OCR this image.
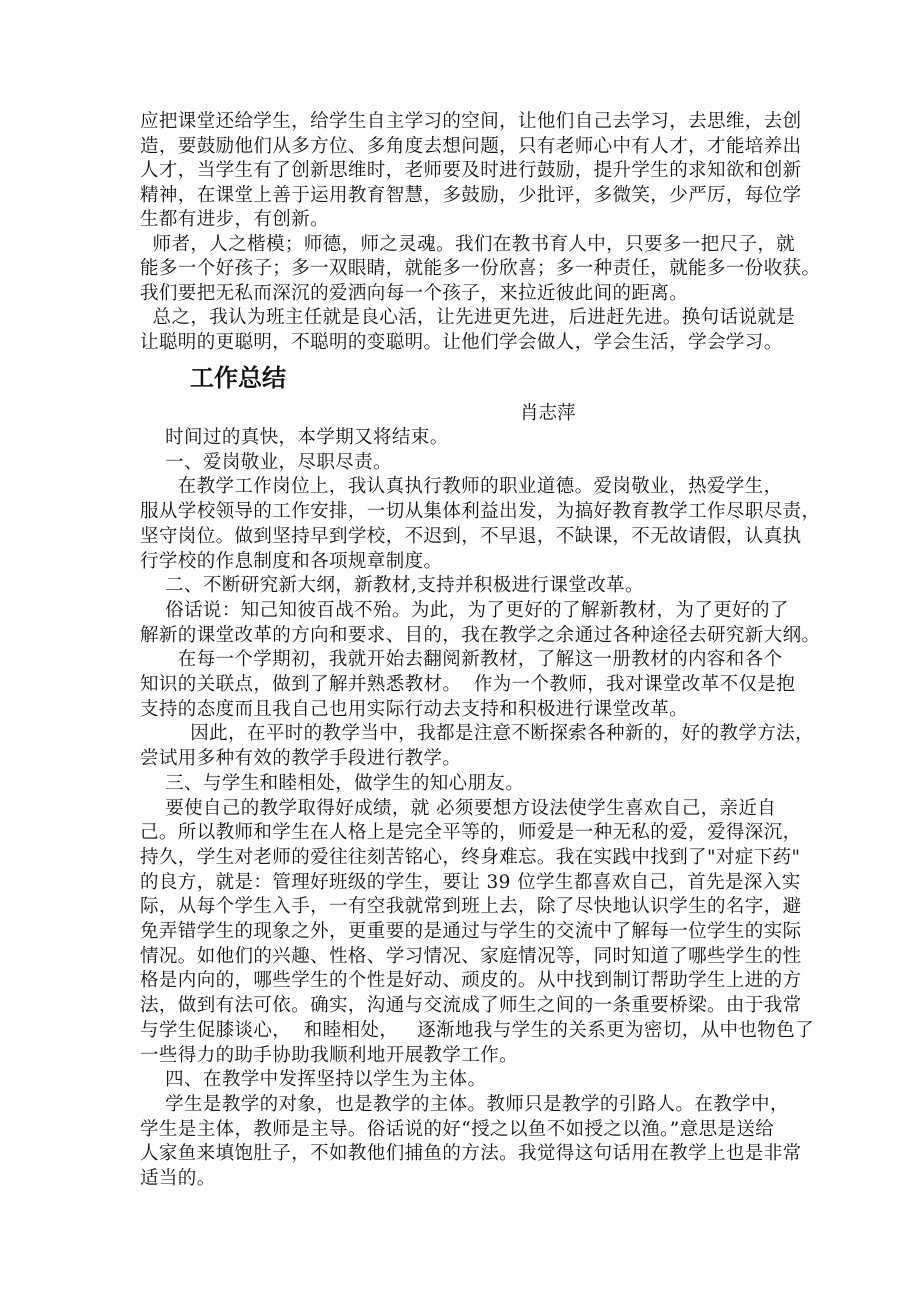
应把课堂还给学生，给学生自主学习的空间，让他们自己去学习，去思维，去创
造，要鼓励他们从多方位、多角度去想问题，只有老师心中有人才，才能培养出
人才，当学生有了创新思维时，老师要及时进行鼓励，提升学生的求知欲和创新
精神，在课堂上善于运用教育智慧，多鼓励，少批评，多微笑，少严厉，每位学
生都有进步，有创新。
师者，人之楷模；师德，师之灵魂。我们在教书育人中，只要多一把尺子，就
能多一个好孩子；多一双眼睛，就能多一份欣喜；多一种责任，就能多一份收获。
我们要把无私而深沉的爱洒向每一个孩子，来拉近彼此间的距离。
总之，我认为班主任就是良心活，让先进更先进，后进赶先进。换句话说就是
让聪明的更聪明，不聪明的变聪明。让他们学会做人，学会生活，学会学习。
工作总结
肖志萍
时间过的真快，本学期又将结束。
一、爱岗敬业，尽职尽责。
在教学工作岗位上，我认真执行教师的职业道德。爱岗敬业，热爱学生，
服从学校领导的工作安排，一切从集体利益出发，为搞好教育教学工作尽职尽责，
坚守岗位。做到坚持早到学校，不迟到，不早退，不缺课，不无故请假，认真执
行学校的作息制度和各项规章制度。
二、不断研究新大纲，新教材,支持并积极进行课堂改革。
俗话说：知己知彼百战不殆。为此，为了更好的了解新教材，为了更好的了
解新的课堂改革的方向和要求、目的，我在教学之余通过各种途径去研究新大纲。
在每一个学期初，我就开始去翻阅新教材，了解这一册教材的内容和各个
知识的关联点，做到了解并熟悉教材。  作为一个教师，我对课堂改革不仅是抱
支持的态度而且我自己也用实际行动去支持和积极进行课堂改革。
因此，在平时的教学当中，我都是注意不断探索各种新的，好的教学方法，
尝试用多种有效的教学手段进行教学。
三、与学生和睦相处，做学生的知心朋友。
要使自己的教学取得好成绩，就 必须要想方设法使学生喜欢自己，亲近自
己。所以教师和学生在人格上是完全平等的，师爱是一种无私的爱，爱得深沉，
持久，学生对老师的爱往往刻苦铭心，终身难忘。我在实践中找到了"对症下药"
的良方，就是：管理好班级的学生，要让 39 位学生都喜欢自己，首先是深入实
际，从每个学生入手，一有空我就常到班上去，除了尽快地认识学生的名字，避
免弄错学生的现象之外，更重要的是通过与学生的交流中了解每一位学生的实际
情况。如他们的兴趣、性格、学习情况、家庭情况等，同时知道了哪些学生的性
格是内向的，哪些学生的个性是好动、顽皮的。从中找到制订帮助学生上进的方
法，做到有法可依。确实，沟通与交流成了师生之间的一条重要桥梁。由于我常
与学生促膝谈心，  和睦相处，   逐渐地我与学生的关系更为密切，从中也物色了
一些得力的助手协助我顺利地开展教学工作。
四、在教学中发挥坚持以学生为主体。
学生是教学的对象，也是教学的主体。教师只是教学的引路人。在教学中，
学生是主体，教师是主导。俗话说的好“授之以鱼不如授之以渔。”意思是送给
人家鱼来填饱肚子，不如教他们捕鱼的方法。我觉得这句话用在教学上也是非常
适当的。
